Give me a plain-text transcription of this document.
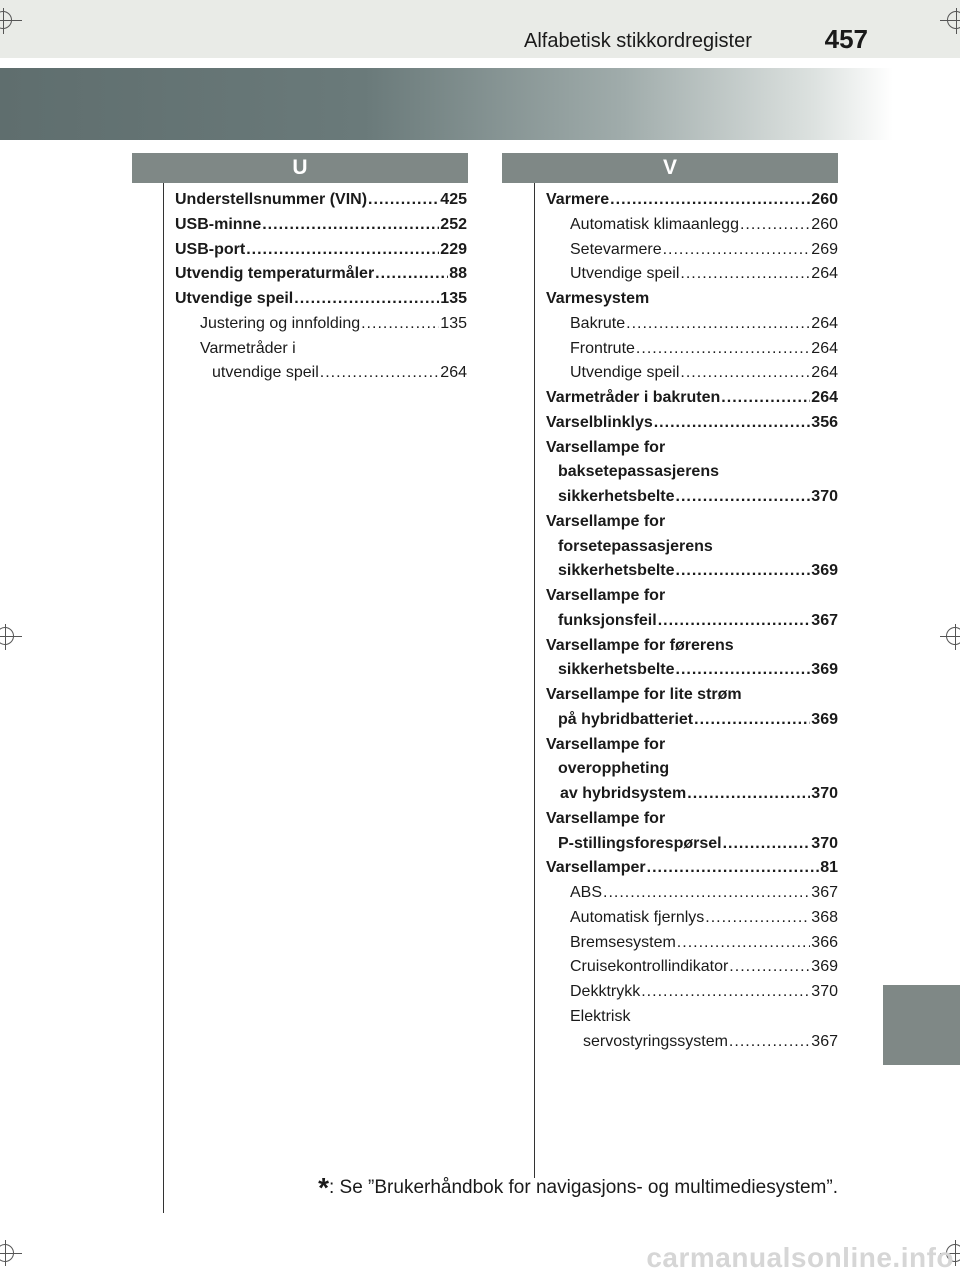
Alfabetisk stikkordregister	457
U	V
Understellsnummer (VIN) .....	425
USB-minne .....	252
USB-port .....	229
Utvendig temperaturmåler .....	88
Utvendige speil .....	135
Justering og innfolding .....	135
Varmetråder i
utvendige speil .....	264
Varmere .....	260
Automatisk klimaanlegg .....	260
Setevarmere .....	269
Utvendige speil .....	264
Varmesystem
Bakrute .....	264
Frontrute .....	264
Utvendige speil .....	264
Varmetråder i bakruten .....	264
Varselblinklys .....	356
Varsellampe for
baksetepassasjerens
sikkerhetsbelte .....	370
Varsellampe for
forsetepassasjerens
sikkerhetsbelte .....	369
Varsellampe for
funksjonsfeil .....	367
Varsellampe for førerens
sikkerhetsbelte .....	369
Varsellampe for lite strøm
på hybridbatteriet .....	369
Varsellampe for
overoppheting
av hybridsystem .....	370
Varsellampe for
P-stillingsforespørsel .....	370
Varsellamper .....	81
ABS .....	367
Automatisk fjernlys .....	368
Bremsesystem .....	366
Cruisekontrollindikator .....	369
Dekktrykk .....	370
Elektrisk
servostyringssystem .....	367
*: Se ”Brukerhåndbok for navigasjons- og multimediesystem”.
carmanualsonline.info
